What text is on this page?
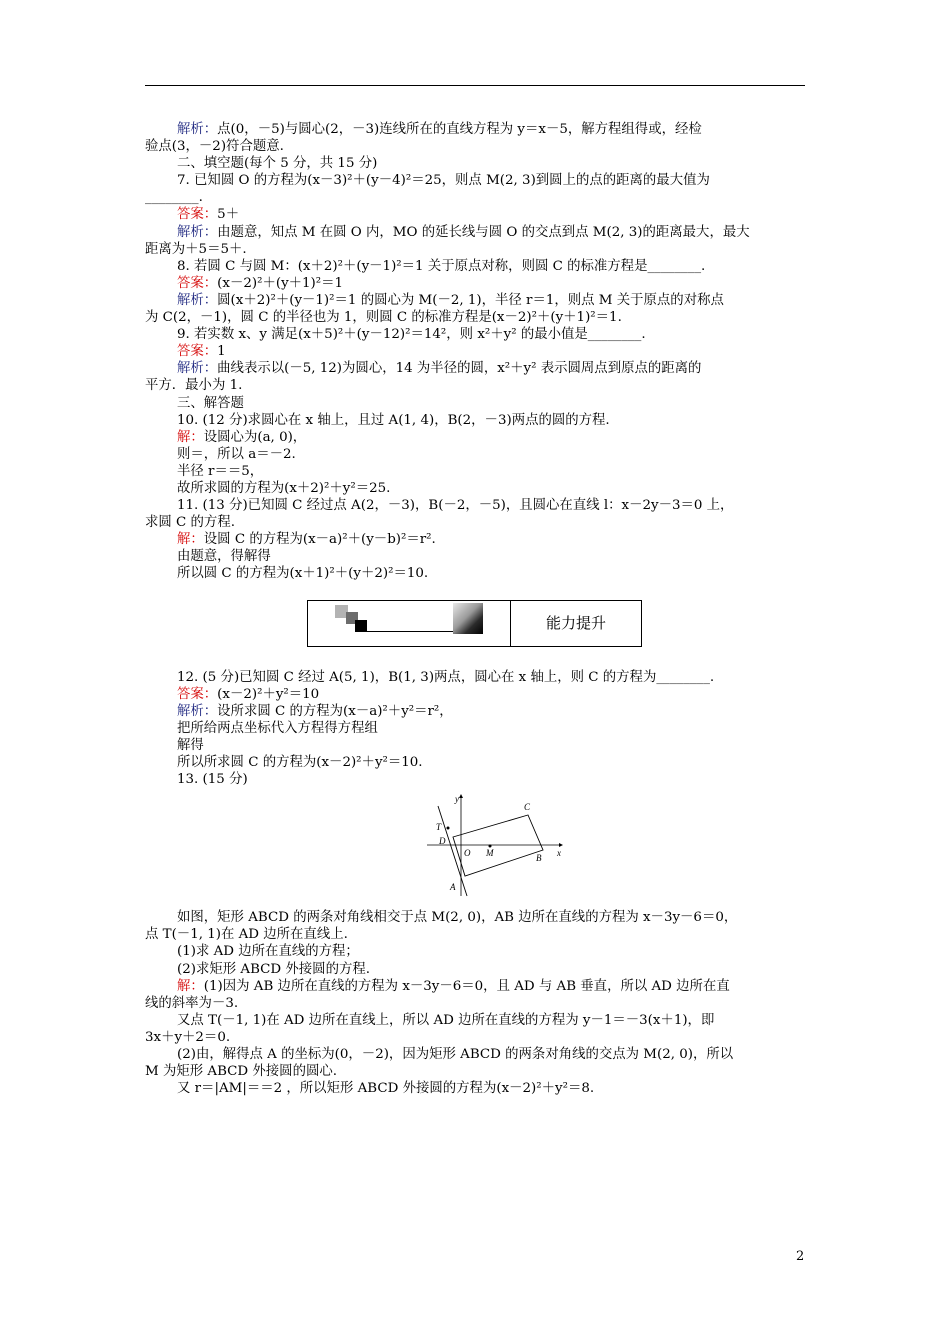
解析：点(0，－5)与圆心(2，－3)连线所在的直线方程为 y＝x－5，解方程组得或，经检

验点(3，－2)符合题意.

二、填空题(每个 5 分，共 15 分)

7. 已知圆 O 的方程为(x－3)²＋(y－4)²＝25，则点 M(2, 3)到圆上的点的距离的最大值为

________.

答案：5＋

解析：由题意，知点 M 在圆 O 内，MO 的延长线与圆 O 的交点到点 M(2, 3)的距离最大，最大

距离为＋5＝5＋.

8. 若圆 C 与圆 M：(x＋2)²＋(y－1)²＝1 关于原点对称，则圆 C 的标准方程是________.

答案：(x－2)²＋(y＋1)²＝1

解析：圆(x＋2)²＋(y－1)²＝1 的圆心为 M(－2, 1)，半径 r＝1，则点 M 关于原点的对称点

为 C(2，－1)，圆 C 的半径也为 1，则圆 C 的标准方程是(x－2)²＋(y＋1)²＝1.

9. 若实数 x、y 满足(x＋5)²＋(y－12)²＝14²，则 x²＋y² 的最小值是________.

答案：1

解析：曲线表示以(－5, 12)为圆心，14 为半径的圆，x²＋y² 表示圆周点到原点的距离的

平方．最小为 1.

三、解答题

10. (12 分)求圆心在 x 轴上，且过 A(1, 4)，B(2，－3)两点的圆的方程.

解：设圆心为(a, 0)，

则＝，所以 a＝－2.

半径 r＝＝5，

故所求圆的方程为(x＋2)²＋y²＝25.

11. (13 分)已知圆 C 经过点 A(2，－3)，B(－2，－5)，且圆心在直线 l：x－2y－3＝0 上，

求圆 C 的方程.

解：设圆 C 的方程为(x－a)²＋(y－b)²＝r².

由题意，得解得

所以圆 C 的方程为(x＋1)²＋(y＋2)²＝10.

能力提升

12. (5 分)已知圆 C 经过 A(5, 1)，B(1, 3)两点，圆心在 x 轴上，则 C 的方程为________.

答案：(x－2)²＋y²＝10

解析：设所求圆 C 的方程为(x－a)²＋y²＝r²，

把所给两点坐标代入方程得方程组

解得

所以所求圆 C 的方程为(x－2)²＋y²＝10.

13. (15 分)

y
x
C
T
D
O M	B
A

如图，矩形 ABCD 的两条对角线相交于点 M(2, 0)，AB 边所在直线的方程为 x－3y－6＝0，

点 T(－1, 1)在 AD 边所在直线上.

(1)求 AD 边所在直线的方程；

(2)求矩形 ABCD 外接圆的方程.

解：(1)因为 AB 边所在直线的方程为 x－3y－6＝0，且 AD 与 AB 垂直，所以 AD 边所在直

线的斜率为－3.

又点 T(－1, 1)在 AD 边所在直线上，所以 AD 边所在直线的方程为 y－1＝－3(x＋1)，即

3x＋y＋2＝0.

(2)由，解得点 A 的坐标为(0，－2)，因为矩形 ABCD 的两条对角线的交点为 M(2, 0)，所以

M 为矩形 ABCD 外接圆的圆心.

又 r＝|AM|＝＝2 ，所以矩形 ABCD 外接圆的方程为(x－2)²＋y²＝8.

2
